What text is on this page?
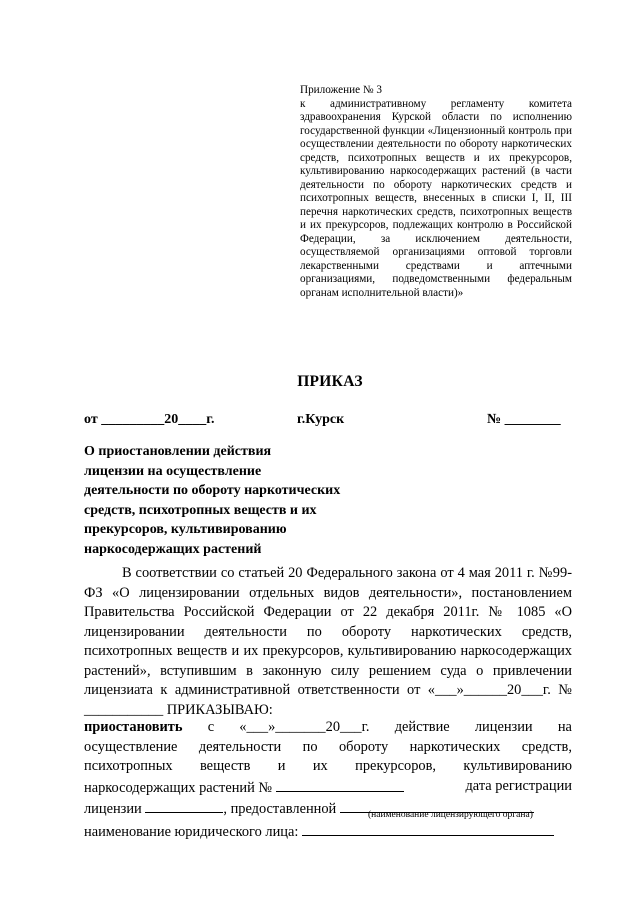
Приложение № 3
к административному регламенту комитета здравоохранения Курской области по исполнению государственной функции «Лицензионный контроль при осуществлении деятельности по обороту наркотических средств, психотропных веществ и их прекурсоров, культивированию наркосодержащих растений (в части деятельности по обороту наркотических средств и психотропных веществ, внесенных в списки I, II, III перечня наркотических средств, психотропных веществ и их прекурсоров, подлежащих контролю в Российской Федерации, за исключением деятельности, осуществляемой организациями оптовой торговли лекарственными средствами и аптечными организациями, подведомственными федеральным органам исполнительной власти)»
ПРИКАЗ
от _________20____г.	г.Курск	№ ________
О приостановлении действия
лицензии на осуществление
деятельности по обороту наркотических
средств, психотропных веществ и их
прекурсоров, культивированию
наркосодержащих растений
В соответствии со статьей 20 Федерального закона от 4 мая 2011 г. №99-ФЗ «О лицензировании отдельных видов деятельности», постановлением Правительства Российской Федерации от 22 декабря 2011г. № 1085 «О лицензировании деятельности по обороту наркотических средств, психотропных веществ и их прекурсоров, культивированию наркосодержащих растений», вступившим в законную силу решением суда о привлечении лицензиата к административной ответственности от «___»______20___г. № ___________ ПРИКАЗЫВАЮ:
приостановить с «___»_______20___г. действие лицензии на
осуществление деятельности по обороту наркотических средств,
психотропных веществ и их прекурсоров, культивированию
наркосодержащих растений №	дата регистрации
лицензии	, предоставленной	(наименование лицензирующего органа)
наименование юридического лица:
